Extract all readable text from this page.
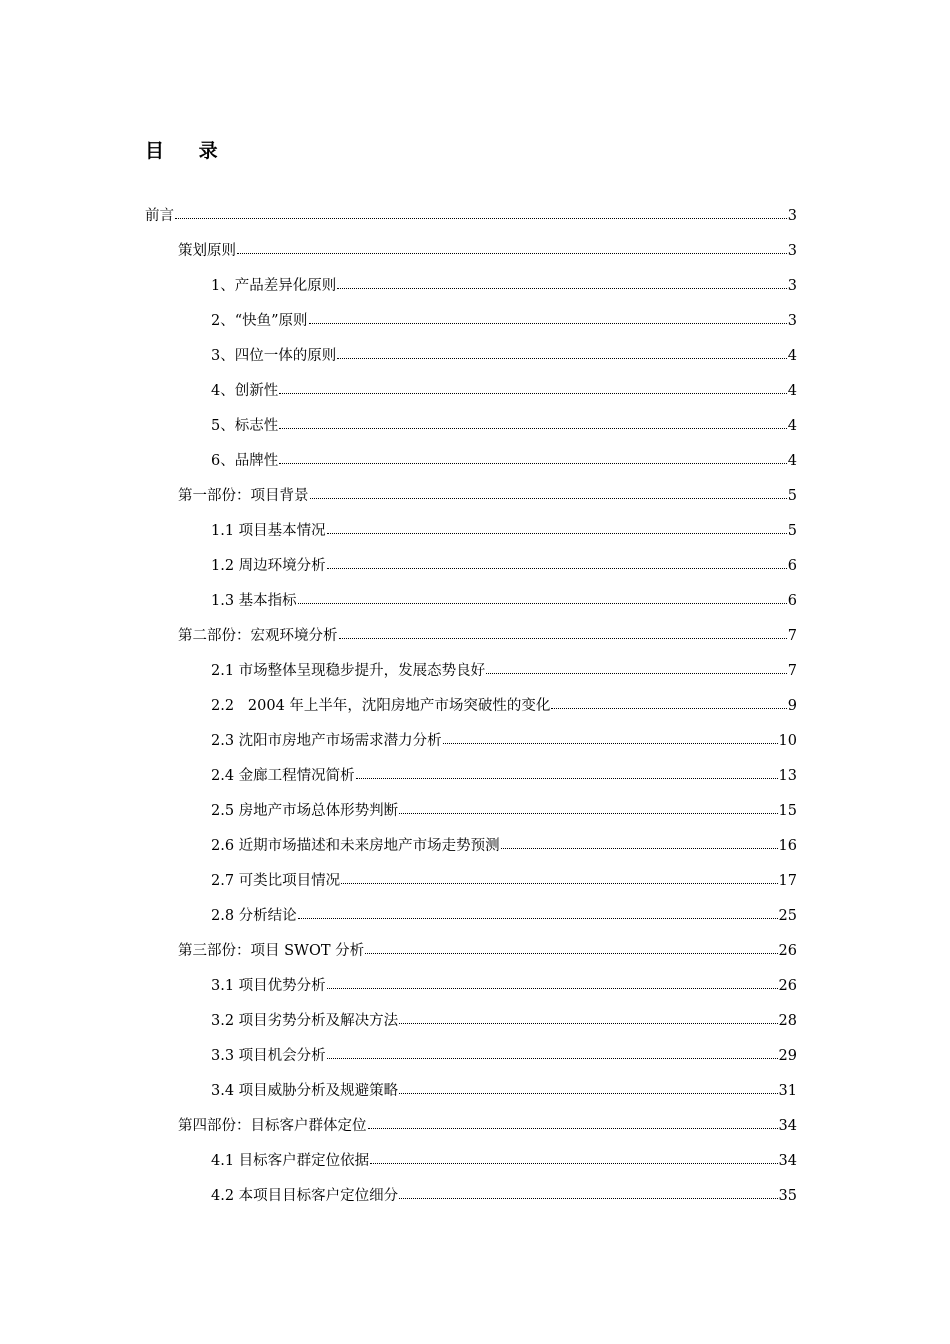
目 录
前言	3
策划原则	3
1、产品差异化原则	3
2、“快鱼”原则	3
3、四位一体的原则	4
4、创新性	4
5、标志性	4
6、品牌性	4
第一部份：项目背景	5
1.1 项目基本情况	5
1.2 周边环境分析	6
1.3 基本指标	6
第二部份：宏观环境分析	7
2.1 市场整体呈现稳步提升，发展态势良好	7
2.2   2004 年上半年，沈阳房地产市场突破性的变化	9
2.3 沈阳市房地产市场需求潜力分析	10
2.4 金廊工程情况简析	13
2.5 房地产市场总体形势判断	15
2.6 近期市场描述和未来房地产市场走势预测	16
2.7 可类比项目情况	17
2.8 分析结论	25
第三部份：项目 SWOT 分析	26
3.1 项目优势分析	26
3.2 项目劣势分析及解决方法	28
3.3 项目机会分析	29
3.4 项目威胁分析及规避策略	31
第四部份：目标客户群体定位	34
4.1 目标客户群定位依据	34
4.2 本项目目标客户定位细分	35
